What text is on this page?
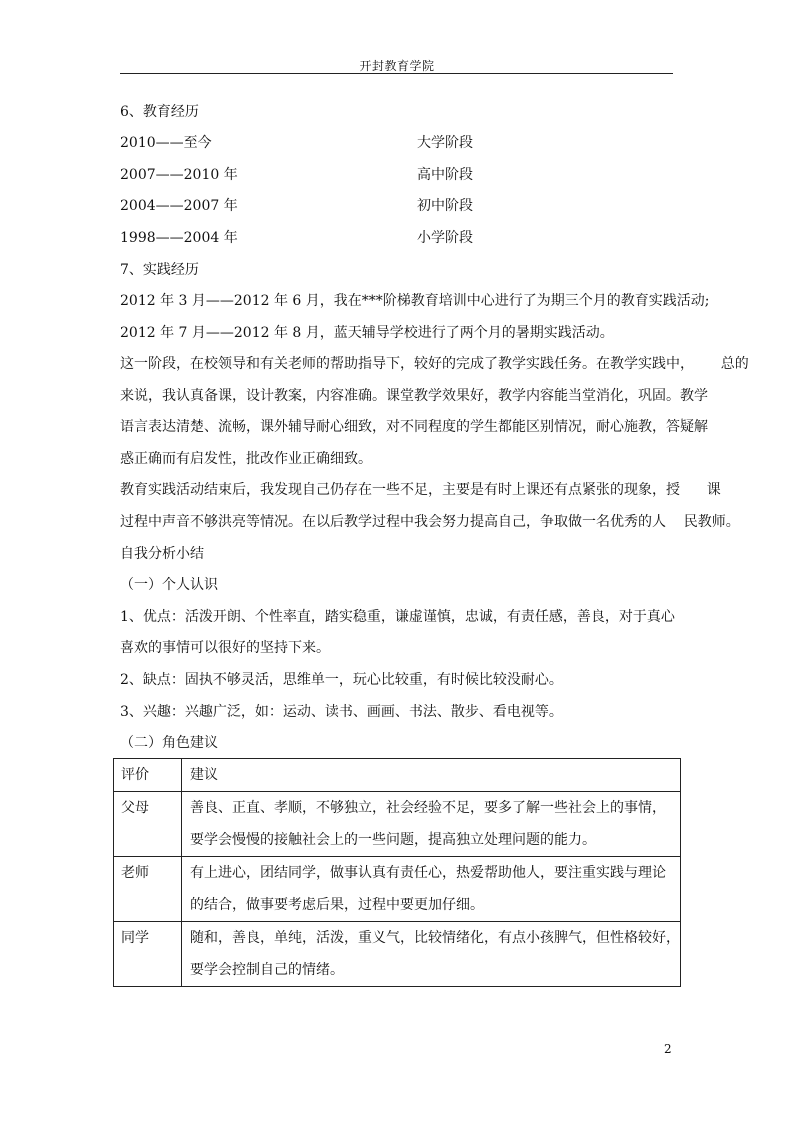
开封教育学院
6、教育经历
2010——至今	大学阶段
2007——2010 年	高中阶段
2004——2007 年	初中阶段
1998——2004 年	小学阶段
7、实践经历
2012 年 3 月——2012 年 6 月，我在***阶梯教育培训中心进行了为期三个月的教育实践活动;
2012 年 7 月——2012 年 8 月，蓝天辅导学校进行了两个月的暑期实践活动。
这一阶段，在校领导和有关老师的帮助指导下，较好的完成了教学实践任务。在教学实践中，      总的
来说，我认真备课，设计教案，内容准确。课堂教学效果好，教学内容能当堂消化，巩固。教学
语言表达清楚、流畅，课外辅导耐心细致，对不同程度的学生都能区别情况，耐心施教，答疑解
惑正确而有启发性，批改作业正确细致。
教育实践活动结束后，我发现自己仍存在一些不足，主要是有时上课还有点紧张的现象，授      课
过程中声音不够洪亮等情况。在以后教学过程中我会努力提高自己，争取做一名优秀的人    民教师。
自我分析小结
（一）个人认识
1、优点：活泼开朗、个性率直，踏实稳重，谦虚谨慎，忠诚，有责任感，善良，对于真心
喜欢的事情可以很好的坚持下来。
2、缺点：固执不够灵活，思维单一，玩心比较重，有时候比较没耐心。
3、兴趣：兴趣广泛，如：运动、读书、画画、书法、散步、看电视等。
（二）角色建议
评价	建议

父母	善良、正直、孝顺，不够独立，社会经验不足，要多了解一些社会上的事情，
要学会慢慢的接触社会上的一些问题，提高独立处理问题的能力。

老师	有上进心，团结同学，做事认真有责任心，热爱帮助他人，要注重实践与理论
的结合，做事要考虑后果，过程中要更加仔细。

同学	随和，善良，单纯，活泼，重义气，比较情绪化，有点小孩脾气，但性格较好，
要学会控制自己的情绪。
2
